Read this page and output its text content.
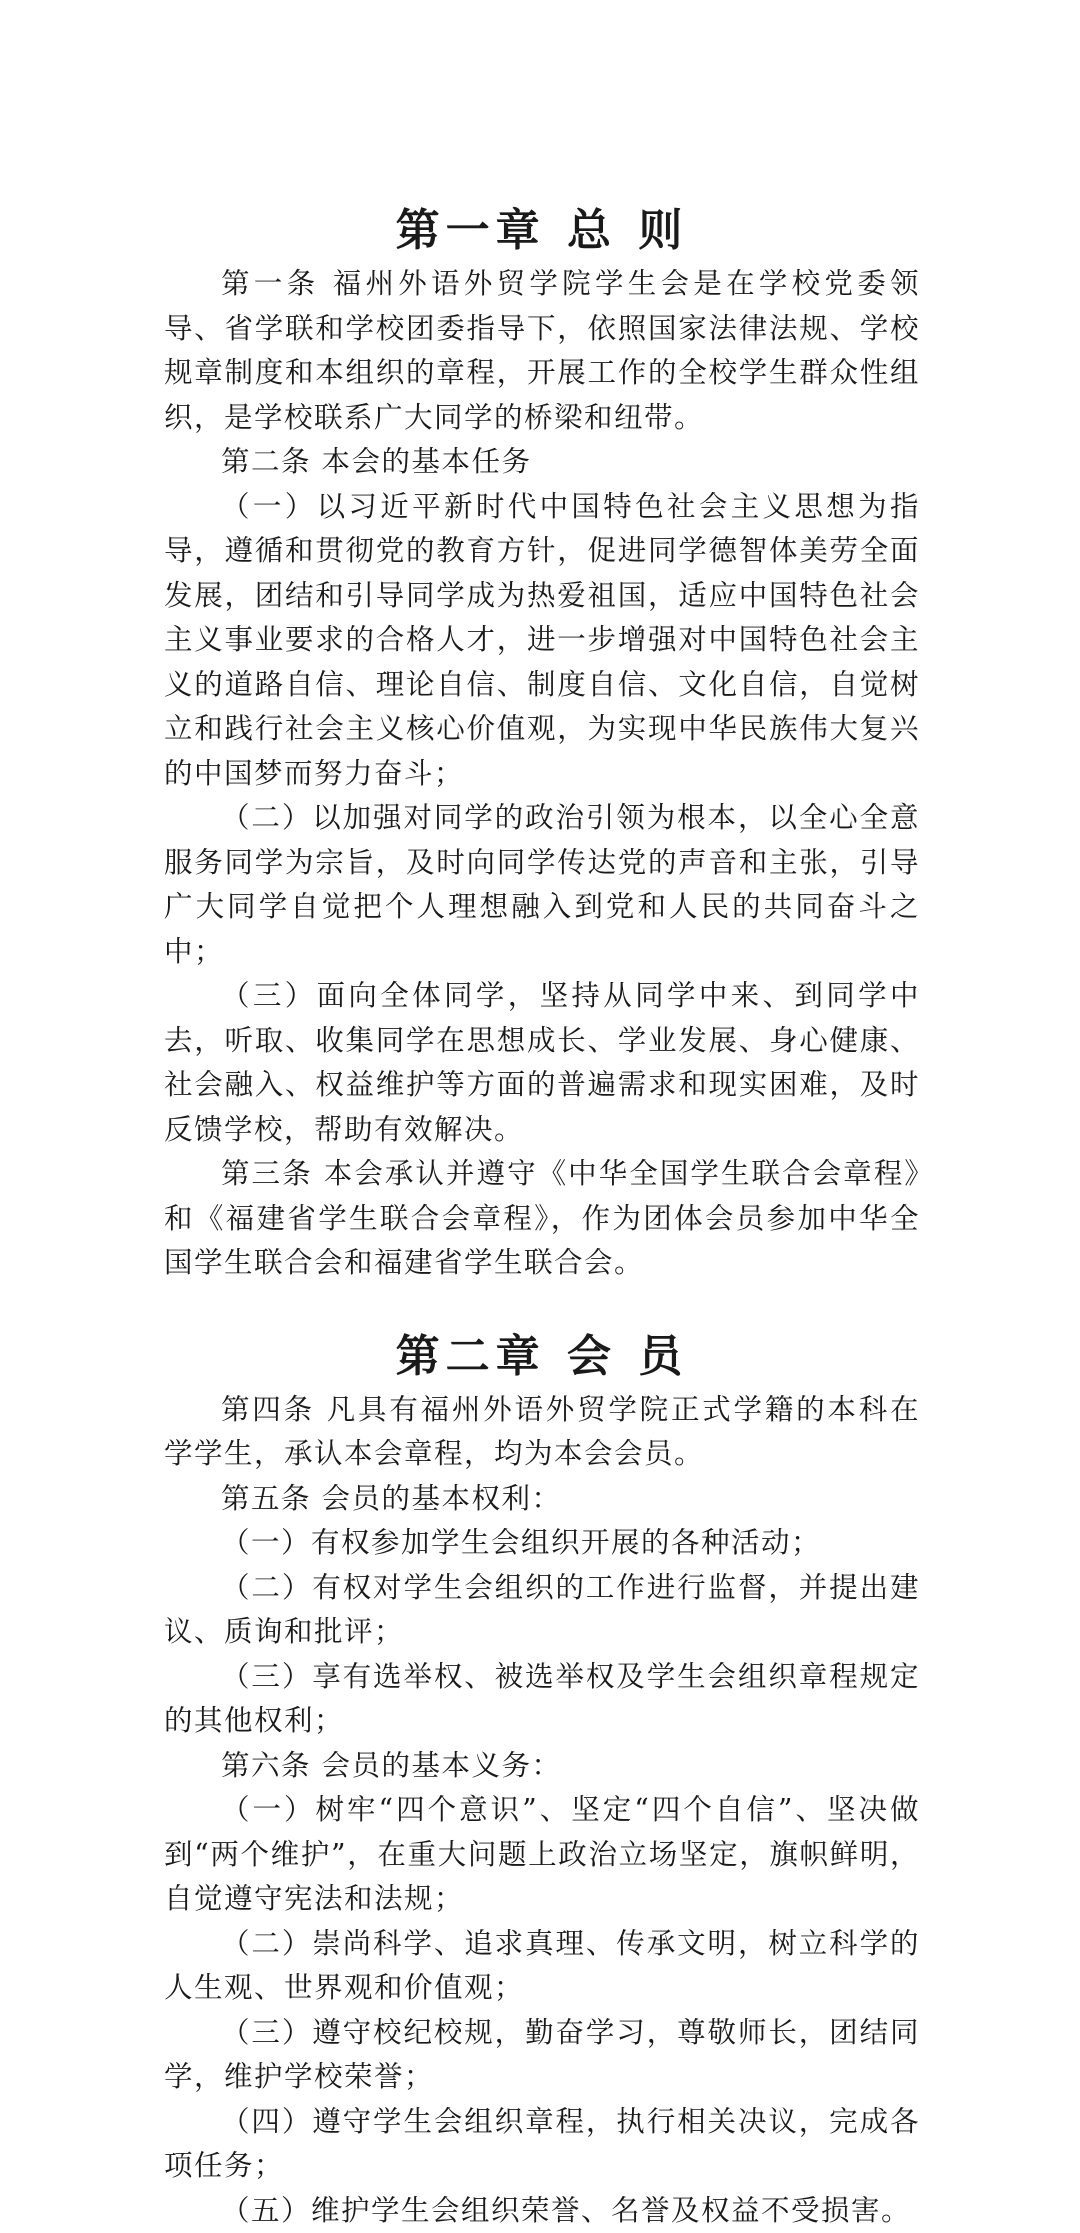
第一章 总 则

第一条 福州外语外贸学院学生会是在学校党委领导、省学联和学校团委指导下，依照国家法律法规、学校规章制度和本组织的章程，开展工作的全校学生群众性组织，是学校联系广大同学的桥梁和纽带。

第二条 本会的基本任务

（一）以习近平新时代中国特色社会主义思想为指导，遵循和贯彻党的教育方针，促进同学德智体美劳全面发展，团结和引导同学成为热爱祖国，适应中国特色社会主义事业要求的合格人才，进一步增强对中国特色社会主义的道路自信、理论自信、制度自信、文化自信，自觉树立和践行社会主义核心价值观，为实现中华民族伟大复兴的中国梦而努力奋斗；

（二）以加强对同学的政治引领为根本，以全心全意服务同学为宗旨，及时向同学传达党的声音和主张，引导广大同学自觉把个人理想融入到党和人民的共同奋斗之中；

（三）面向全体同学，坚持从同学中来、到同学中去，听取、收集同学在思想成长、学业发展、身心健康、社会融入、权益维护等方面的普遍需求和现实困难，及时反馈学校，帮助有效解决。

第三条 本会承认并遵守《中华全国学生联合会章程》和《福建省学生联合会章程》，作为团体会员参加中华全国学生联合会和福建省学生联合会。

第二章 会 员

第四条 凡具有福州外语外贸学院正式学籍的本科在学学生，承认本会章程，均为本会会员。

第五条 会员的基本权利：

（一）有权参加学生会组织开展的各种活动；

（二）有权对学生会组织的工作进行监督，并提出建议、质询和批评；

（三）享有选举权、被选举权及学生会组织章程规定的其他权利；

第六条 会员的基本义务：

（一）树牢“四个意识”、坚定“四个自信”、坚决做到“两个维护”，在重大问题上政治立场坚定，旗帜鲜明，自觉遵守宪法和法规；

（二）崇尚科学、追求真理、传承文明，树立科学的人生观、世界观和价值观；

（三）遵守校纪校规，勤奋学习，尊敬师长，团结同学，维护学校荣誉；

（四）遵守学生会组织章程，执行相关决议，完成各项任务；

（五）维护学生会组织荣誉、名誉及权益不受损害。
